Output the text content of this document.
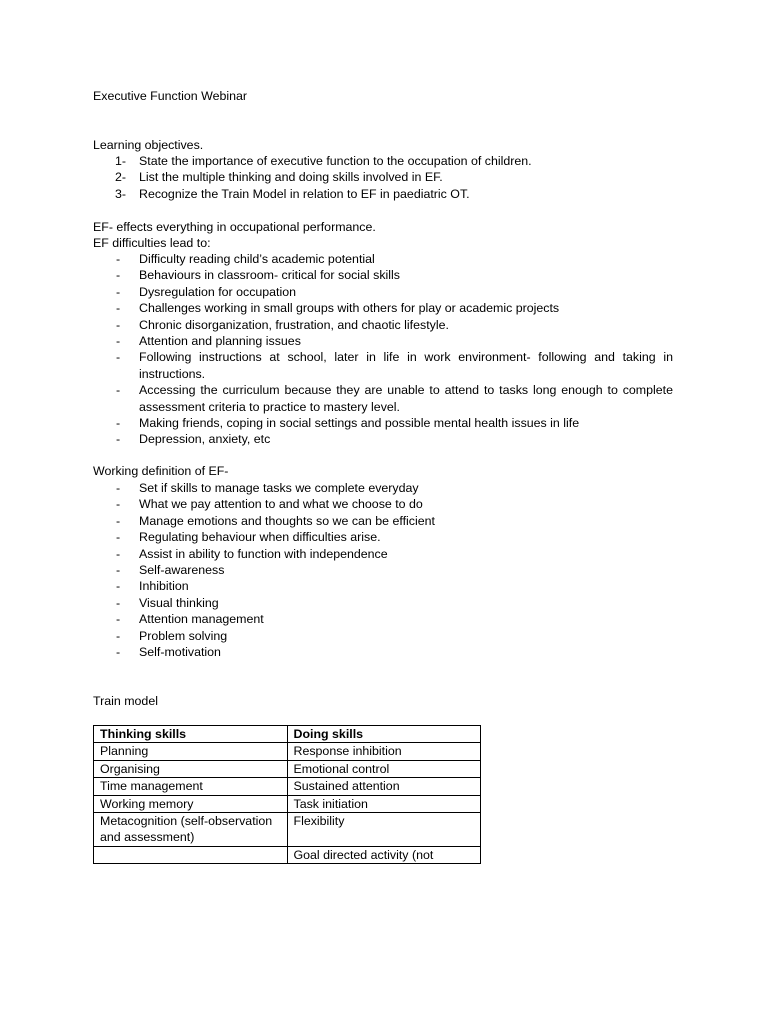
Executive Function Webinar
Learning objectives.
1- State the importance of executive function to the occupation of children.
2- List the multiple thinking and doing skills involved in EF.
3- Recognize the Train Model in relation to EF in paediatric OT.
EF- effects everything in occupational performance.
EF difficulties lead to:
- Difficulty reading child’s academic potential
- Behaviours in classroom- critical for social skills
- Dysregulation for occupation
- Challenges working in small groups with others for play or academic projects
- Chronic disorganization, frustration, and chaotic lifestyle.
- Attention and planning issues
- Following instructions at school, later in life in work environment- following and taking in instructions.
- Accessing the curriculum because they are unable to attend to tasks long enough to complete assessment criteria to practice to mastery level.
- Making friends, coping in social settings and possible mental health issues in life
- Depression, anxiety, etc
Working definition of EF-
- Set if skills to manage tasks we complete everyday
- What we pay attention to and what we choose to do
- Manage emotions and thoughts so we can be efficient
- Regulating behaviour when difficulties arise.
- Assist in ability to function with independence
- Self-awareness
- Inhibition
- Visual thinking
- Attention management
- Problem solving
- Self-motivation
Train model
Thinking skills	Doing skills
Planning	Response inhibition
Organising	Emotional control
Time management	Sustained attention
Working memory	Task initiation
Metacognition (self-observation and assessment)	Flexibility
	Goal directed activity (not
